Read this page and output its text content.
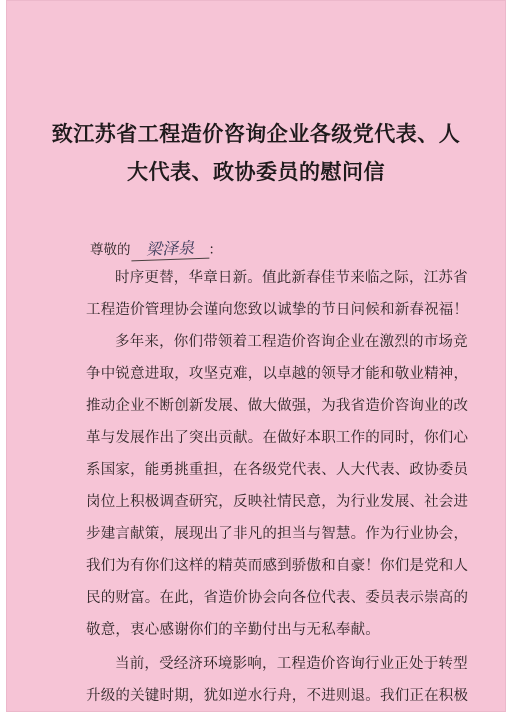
致江苏省工程造价咨询企业各级党代表、人
大代表、政协委员的慰问信
尊敬的 梁泽泉 ：
时序更替，华章日新。值此新春佳节来临之际，江苏省
工程造价管理协会谨向您致以诚挚的节日问候和新春祝福！
多年来，你们带领着工程造价咨询企业在激烈的市场竞
争中锐意进取，攻坚克难，以卓越的领导才能和敬业精神，
推动企业不断创新发展、做大做强，为我省造价咨询业的改
革与发展作出了突出贡献。在做好本职工作的同时，你们心
系国家，能勇挑重担，在各级党代表、人大代表、政协委员
岗位上积极调查研究，反映社情民意，为行业发展、社会进
步建言献策，展现出了非凡的担当与智慧。作为行业协会，
我们为有你们这样的精英而感到骄傲和自豪！你们是党和人
民的财富。在此，省造价协会向各位代表、委员表示崇高的
敬意，衷心感谢你们的辛勤付出与无私奉献。
当前，受经济环境影响，工程造价咨询行业正处于转型
升级的关键时期，犹如逆水行舟，不进则退。我们正在积极
